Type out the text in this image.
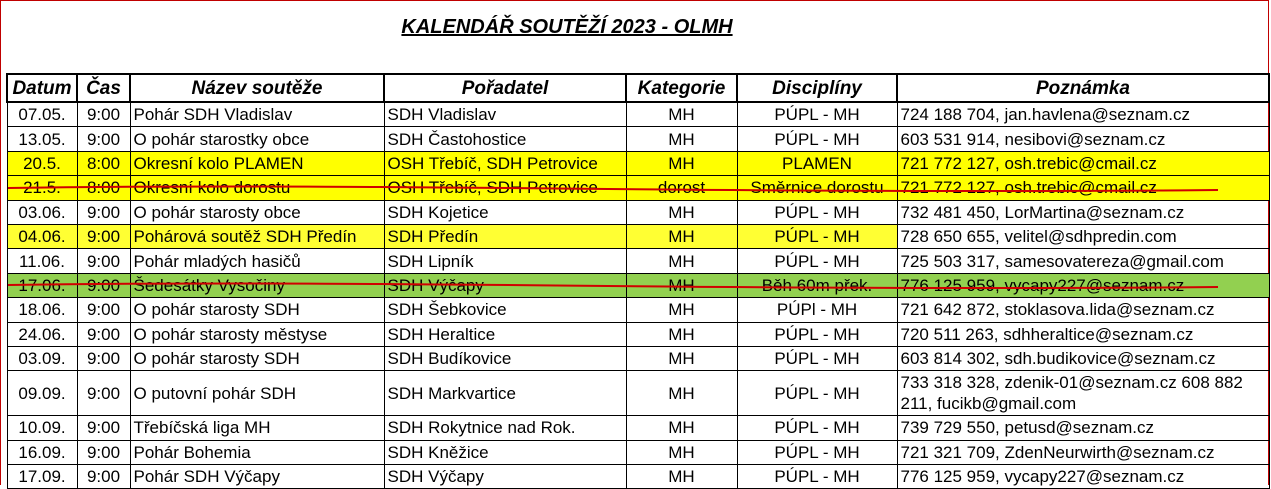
KALENDÁŘ SOUTĚŽÍ 2023 - OLMH
Datum	Čas	Název soutěže	Pořadatel	Kategorie	Disciplíny	Poznámka
07.05.	9:00	Pohár SDH Vladislav	SDH Vladislav	MH	PÚPL - MH	724 188 704, jan.havlena@seznam.cz
13.05.	9:00	O pohár starostky obce	SDH Častohostice	MH	PÚPL - MH	603 531 914, nesibovi@seznam.cz
20.5.	8:00	Okresní kolo PLAMEN	OSH Třebíč, SDH Petrovice	MH	PLAMEN	721 772 127, osh.trebic@cmail.cz
21.5.	8:00	Okresní kolo dorostu	OSH Třebíč, SDH Petrovice	dorost	Směrnice dorostu	721 772 127, osh.trebic@cmail.cz
03.06.	9:00	O pohár starosty obce	SDH Kojetice	MH	PÚPL - MH	732 481 450, LorMartina@seznam.cz
04.06.	9:00	Pohárová soutěž SDH Předín	SDH Předín	MH	PÚPL - MH	728 650 655, velitel@sdhpredin.com
11.06.	9:00	Pohár mladých hasičů	SDH Lipník	MH	PÚPL - MH	725 503 317, samesovatereza@gmail.com
17.06.	9:00	Šedesátky Vysočiny	SDH Výčapy	MH	Běh 60m přek.	776 125 959, vycapy227@seznam.cz
18.06.	9:00	O pohár starosty SDH	SDH Šebkovice	MH	PÚPl - MH	721 642 872, stoklasova.lida@seznam.cz
24.06.	9:00	O pohár starosty městyse	SDH Heraltice	MH	PÚPL - MH	720 511 263, sdhheraltice@seznam.cz
03.09.	9:00	O pohár starosty SDH	SDH Budíkovice	MH	PÚPL - MH	603 814 302, sdh.budikovice@seznam.cz
09.09.	9:00	O putovní pohár SDH	SDH Markvartice	MH	PÚPL - MH	733 318 328, zdenik-01@seznam.cz 608 882 211, fucikb@gmail.com
10.09.	9:00	Třebíčská liga MH	SDH Rokytnice nad Rok.	MH	PÚPL - MH	739 729 550, petusd@seznam.cz
16.09.	9:00	Pohár Bohemia	SDH Kněžice	MH	PÚPL - MH	721 321 709, ZdenNeurwirth@seznam.cz
17.09.	9:00	Pohár SDH Výčapy	SDH Výčapy	MH	PÚPL - MH	776 125 959, vycapy227@seznam.cz
